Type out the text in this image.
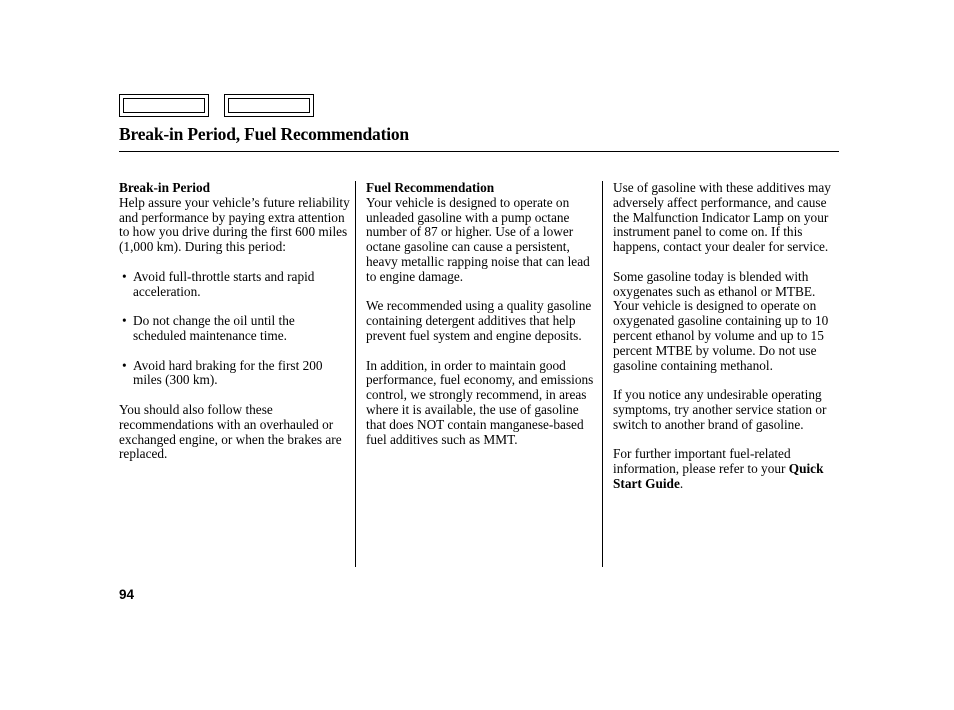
Break-in Period, Fuel Recommendation
Break-in Period

Help assure your vehicle’s future reliability and performance by paying extra attention to how you drive during the first 600 miles (1,000 km). During this period:

• Avoid full-throttle starts and rapid acceleration.
• Do not change the oil until the scheduled maintenance time.
• Avoid hard braking for the first 200 miles (300 km).

You should also follow these recommendations with an overhauled or exchanged engine, or when the brakes are replaced.

Fuel Recommendation

Your vehicle is designed to operate on unleaded gasoline with a pump octane number of 87 or higher. Use of a lower octane gasoline can cause a persistent, heavy metallic rapping noise that can lead to engine damage.

We recommended using a quality gasoline containing detergent additives that help prevent fuel system and engine deposits.

In addition, in order to maintain good performance, fuel economy, and emissions control, we strongly recommend, in areas where it is available, the use of gasoline that does NOT contain manganese-based fuel additives such as MMT.

Use of gasoline with these additives may adversely affect performance, and cause the Malfunction Indicator Lamp on your instrument panel to come on. If this happens, contact your dealer for service.

Some gasoline today is blended with oxygenates such as ethanol or MTBE. Your vehicle is designed to operate on oxygenated gasoline containing up to 10 percent ethanol by volume and up to 15 percent MTBE by volume. Do not use gasoline containing methanol.

If you notice any undesirable operating symptoms, try another service station or switch to another brand of gasoline.

For further important fuel-related information, please refer to your Quick Start Guide.

94
